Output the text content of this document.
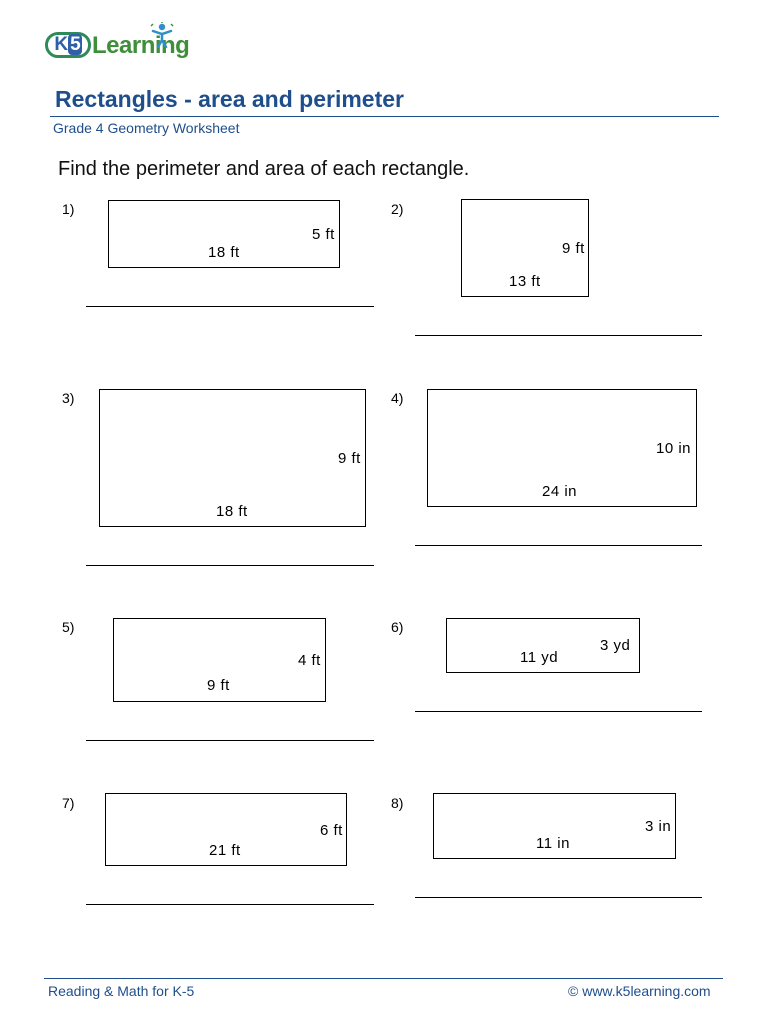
K 5 Learning
Rectangles - area and perimeter
Grade 4 Geometry Worksheet
Find the perimeter and area of each rectangle.
1)
18 ft
5 ft
2)
13 ft
9 ft
3)
18 ft
9 ft
4)
24 in
10 in
5)
9 ft
4 ft
6)
11 yd
3 yd
7)
21 ft
6 ft
8)
11 in
3 in
Reading & Math for K-5	© www.k5learning.com
